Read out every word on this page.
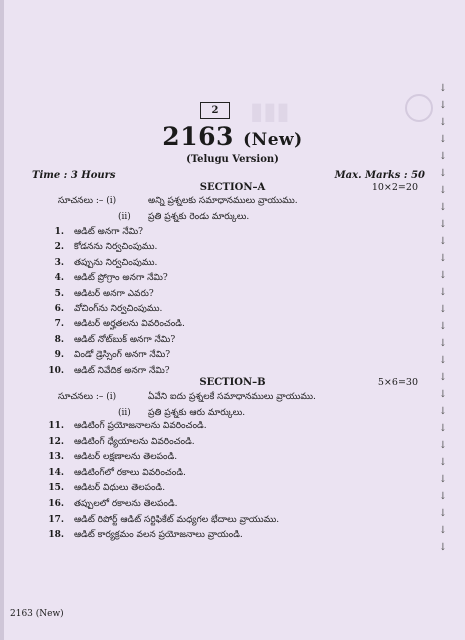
▮▮▮
2
2163 (New)
(Telugu Version)
Time : 3 Hours	Max. Marks : 50
SECTION–A	10×2=20
సూచనలు :– (i)	అన్ని ప్రశ్నలకు సమాధానములు వ్రాయుము.
(ii) ప్రతి ప్రశ్నకు రెండు మార్కులు.
1. ఆడిట్ అనగా నేమి?
2. కోడనను నిర్వచింపుము.
3. తప్పును నిర్వచింపుము.
4. ఆడిట్ ప్రోగ్రాం అనగా నేమి?
5. ఆడిటర్ అనగా ఎవరు?
6. వోచింగ్‌ను నిర్వచింపుము.
7. ఆడిటర్ అర్హతలను వివరించండి.
8. ఆడిట్ నోట్‌బుక్ అనగా నేమి?
9. విండో డ్రెస్సింగ్ అనగా నేమి?
10. ఆడిట్ నివేదిక అనగా నేమి?
SECTION–B	5×6=30
సూచనలు :– (i)	ఏవేని ఐదు ప్రశ్నలకే సమాధానములు వ్రాయుము.
(ii) ప్రతి ప్రశ్నకు ఆరు మార్కులు.
11. ఆడిటింగ్ ప్రయోజనాలను వివరించండి.
12. ఆడిటింగ్ ధ్యేయాలను వివరించండి.
13. ఆడిటర్ లక్షణాలను తెలపండి.
14. ఆడిటింగ్‌లో రకాలు వివరించండి.
15. ఆడిటర్ విధులు తెలపండి.
16. తప్పులలో రకాలను తెలపండి.
17. ఆడిట్ రిపోర్ట్ ఆడిట్ సర్టిఫికేట్ మధ్యగల భేదాలు వ్రాయుము.
18. ఆడిట్ కార్యక్రమం వలన ప్రయోజనాలు వ్రాయండి.
↓
↓
↓
↓
↓
↓
↓
↓
↓
↓
↓
↓
↓
↓
↓
↓
↓
↓
↓
↓
↓
↓
↓
↓
↓
↓
↓
↓
2163 (New)
